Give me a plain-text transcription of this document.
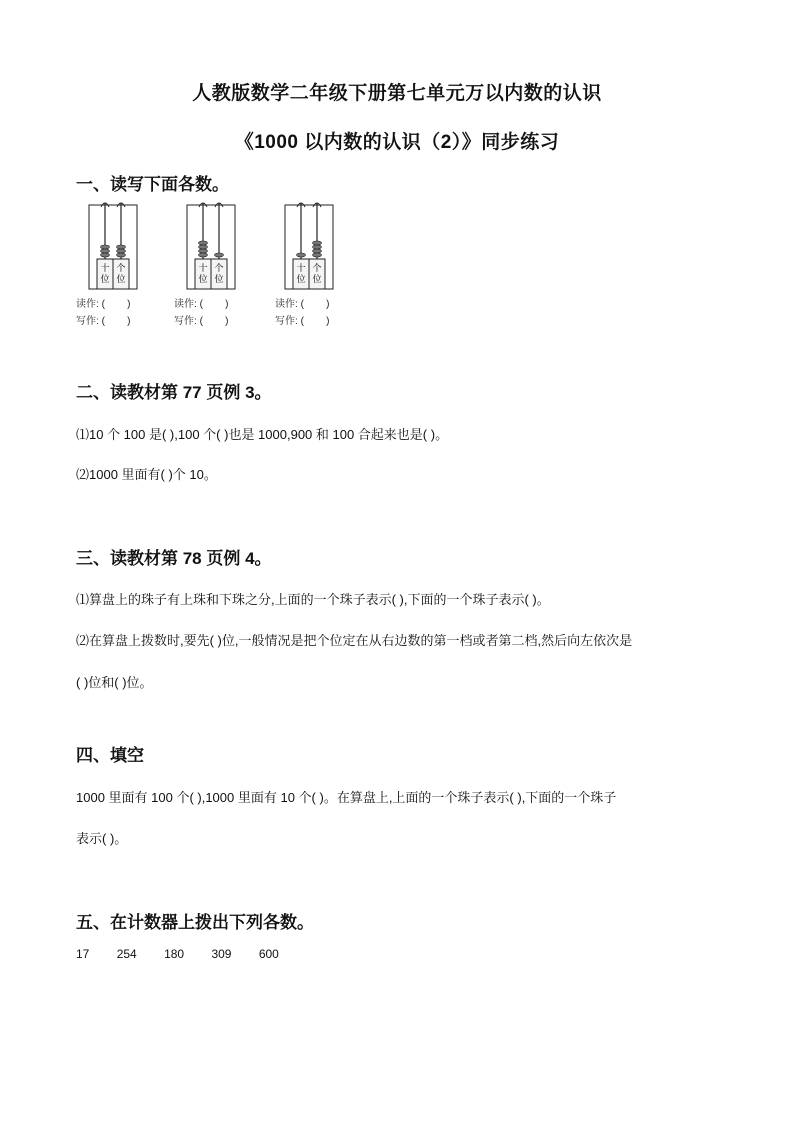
人教版数学二年级下册第七单元万以内数的认识
《1000 以内数的认识（2）》同步练习
一、读写下面各数。
十
位
个
位
十
位
个
位
十
位
个
位
读作: (        )
写作: (        )
读作: (        )
写作: (        )
读作: (        )
写作: (        )
二、读教材第 77 页例 3。
⑴10 个 100 是( ),100 个( )也是 1000,900 和 100 合起来也是( )。
⑵1000 里面有( )个 10。
三、读教材第 78 页例 4。
⑴算盘上的珠子有上珠和下珠之分,上面的一个珠子表示( ),下面的一个珠子表示( )。
⑵在算盘上拨数时,要先( )位,一般情况是把个位定在从右边数的第一档或者第二档,然后向左依次是
( )位和( )位。
四、填空
1000 里面有 100 个( ),1000 里面有 10 个( )。在算盘上,上面的一个珠子表示( ),下面的一个珠子
表示( )。
五、在计数器上拨出下列各数。
17 254 180 309 600
